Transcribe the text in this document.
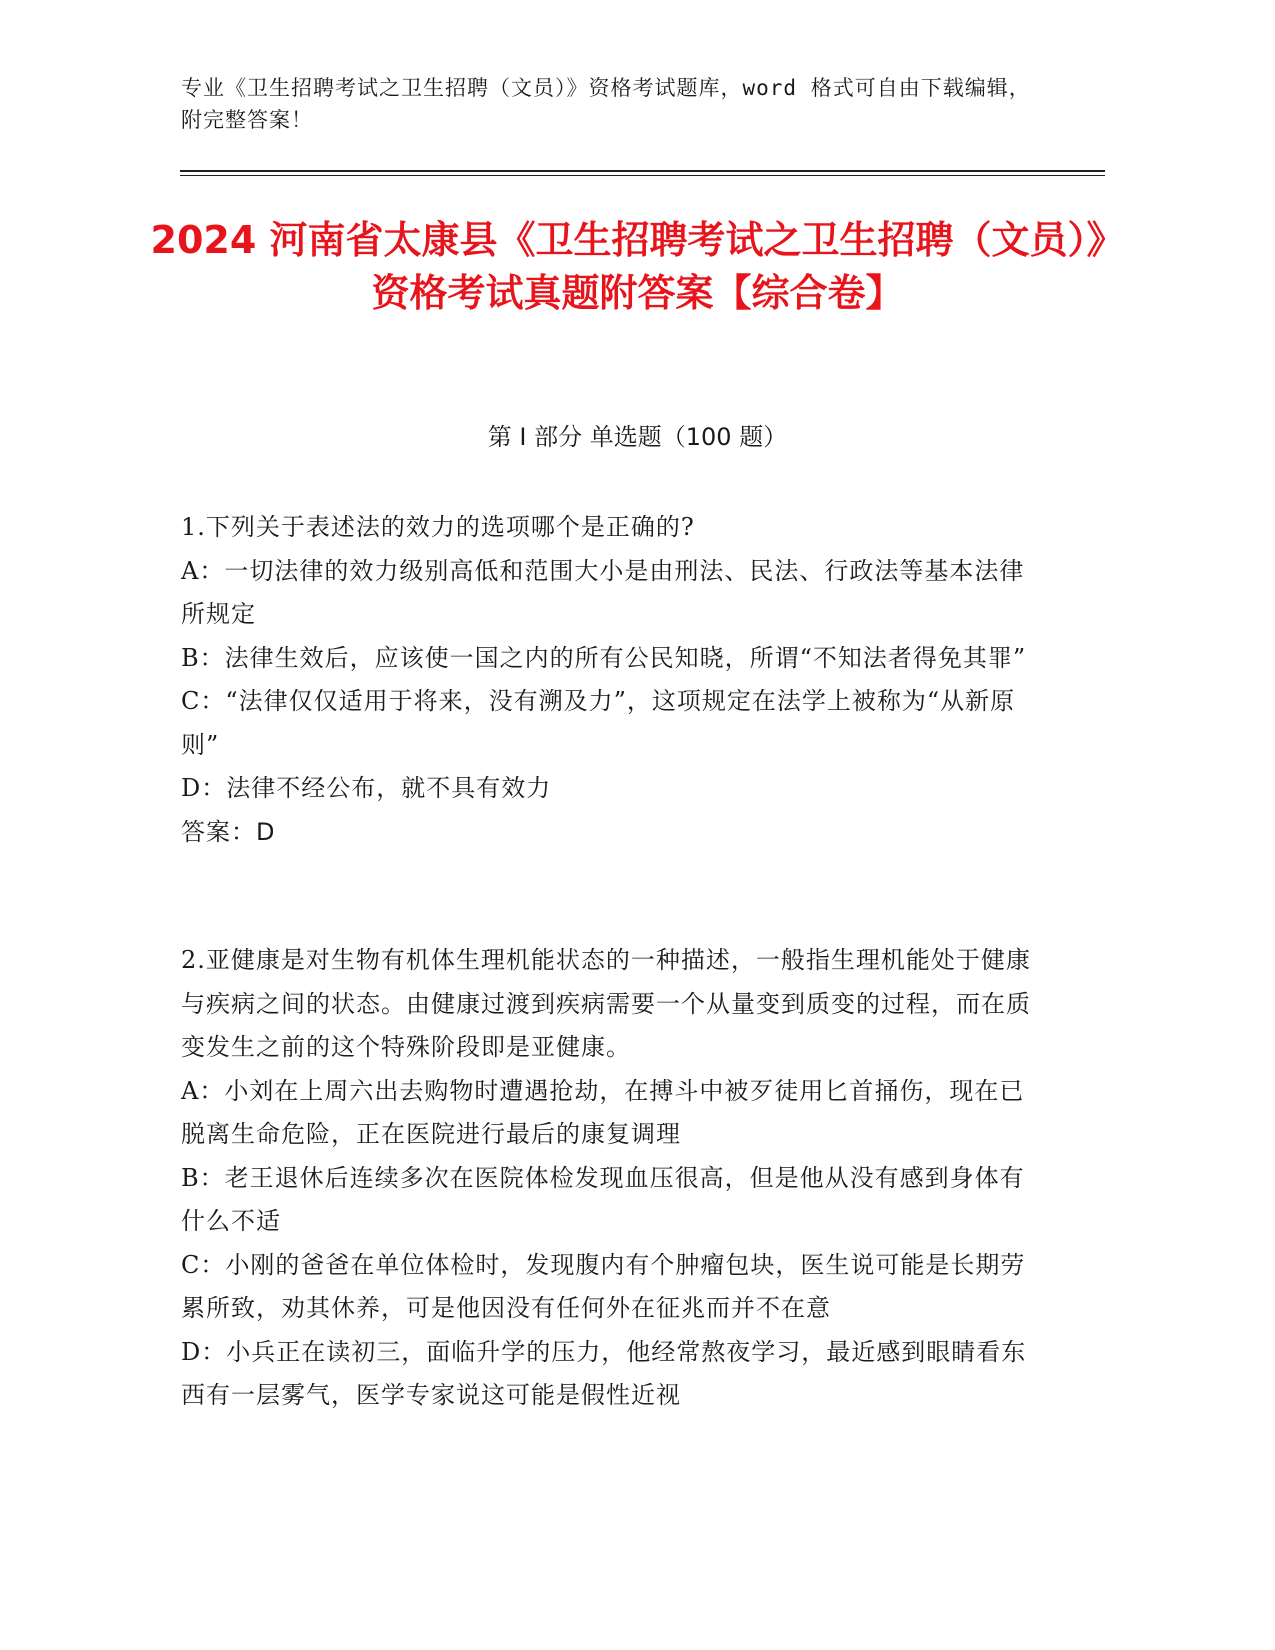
专业《卫生招聘考试之卫生招聘（文员）》资格考试题库，word 格式可自由下载编辑，附完整答案！
2024 河南省太康县《卫生招聘考试之卫生招聘（文员）》资格考试真题附答案【综合卷】
第 I 部分 单选题（100 题）

1.下列关于表述法的效力的选项哪个是正确的?

A：一切法律的效力级别高低和范围大小是由刑法、民法、行政法等基本法律所规定

B：法律生效后，应该使一国之内的所有公民知晓，所谓“不知法者得免其罪”

C：“法律仅仅适用于将来，没有溯及力”，这项规定在法学上被称为“从新原则”

D：法律不经公布，就不具有效力

答案：D

2.亚健康是对生物有机体生理机能状态的一种描述，一般指生理机能处于健康与疾病之间的状态。由健康过渡到疾病需要一个从量变到质变的过程，而在质变发生之前的这个特殊阶段即是亚健康。

A：小刘在上周六出去购物时遭遇抢劫，在搏斗中被歹徒用匕首捅伤，现在已脱离生命危险，正在医院进行最后的康复调理

B：老王退休后连续多次在医院体检发现血压很高，但是他从没有感到身体有什么不适

C：小刚的爸爸在单位体检时，发现腹内有个肿瘤包块，医生说可能是长期劳累所致，劝其休养，可是他因没有任何外在征兆而并不在意

D：小兵正在读初三，面临升学的压力，他经常熬夜学习，最近感到眼睛看东西有一层雾气，医学专家说这可能是假性近视
